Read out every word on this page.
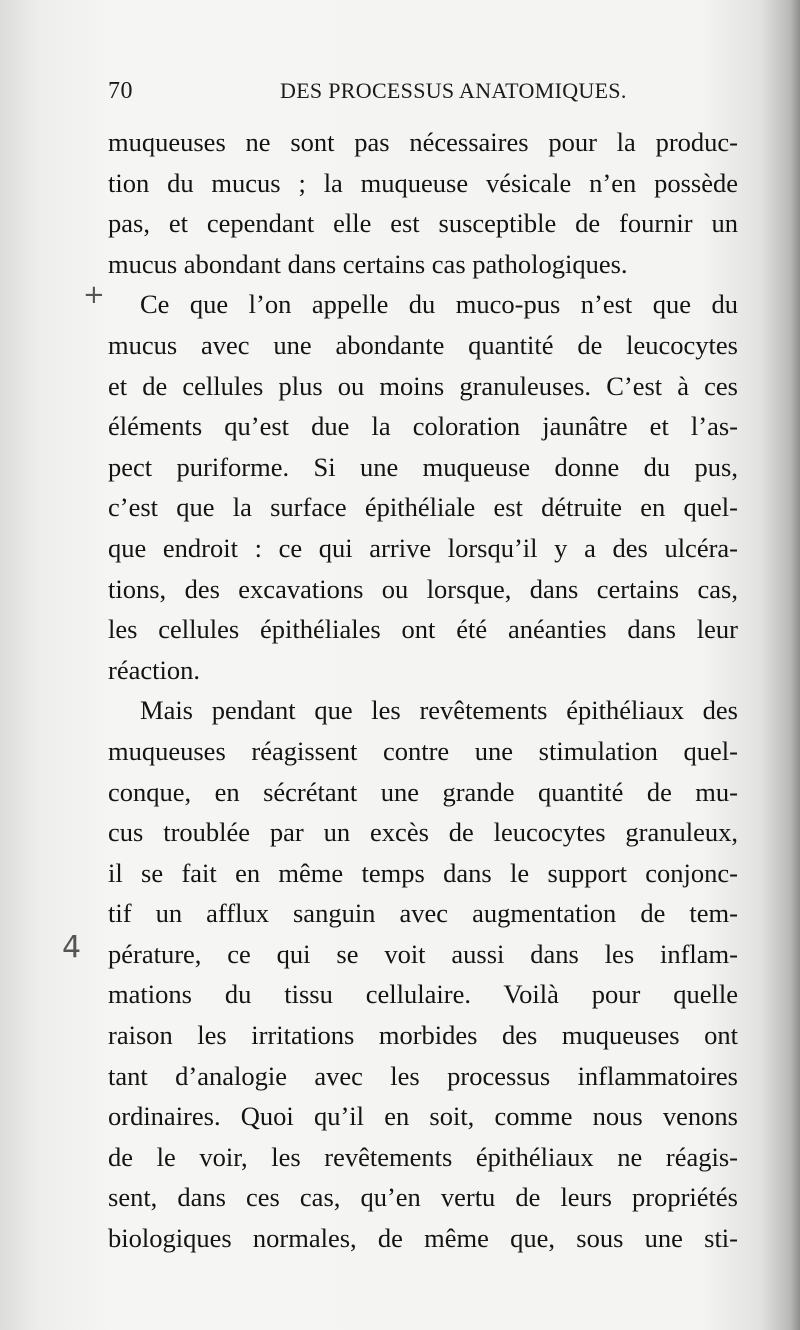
70	DES PROCESSUS ANATOMIQUES.
+
4
muqueuses ne sont pas nécessaires pour la produc-
tion du mucus ; la muqueuse vésicale n’en possède
pas, et cependant elle est susceptible de fournir un
mucus abondant dans certains cas pathologiques.
Ce que l’on appelle du muco-pus n’est que du
mucus avec une abondante quantité de leucocytes
et de cellules plus ou moins granuleuses. C’est à ces
éléments qu’est due la coloration jaunâtre et l’as-
pect puriforme. Si une muqueuse donne du pus,
c’est que la surface épithéliale est détruite en quel-
que endroit : ce qui arrive lorsqu’il y a des ulcéra-
tions, des excavations ou lorsque, dans certains cas,
les cellules épithéliales ont été anéanties dans leur
réaction.
Mais pendant que les revêtements épithéliaux des
muqueuses réagissent contre une stimulation quel-
conque, en sécrétant une grande quantité de mu-
cus troublée par un excès de leucocytes granuleux,
il se fait en même temps dans le support conjonc-
tif un afflux sanguin avec augmentation de tem-
pérature, ce qui se voit aussi dans les inflam-
mations du tissu cellulaire. Voilà pour quelle
raison les irritations morbides des muqueuses ont
tant d’analogie avec les processus inflammatoires
ordinaires. Quoi qu’il en soit, comme nous venons
de le voir, les revêtements épithéliaux ne réagis-
sent, dans ces cas, qu’en vertu de leurs propriétés
biologiques normales, de même que, sous une sti-
